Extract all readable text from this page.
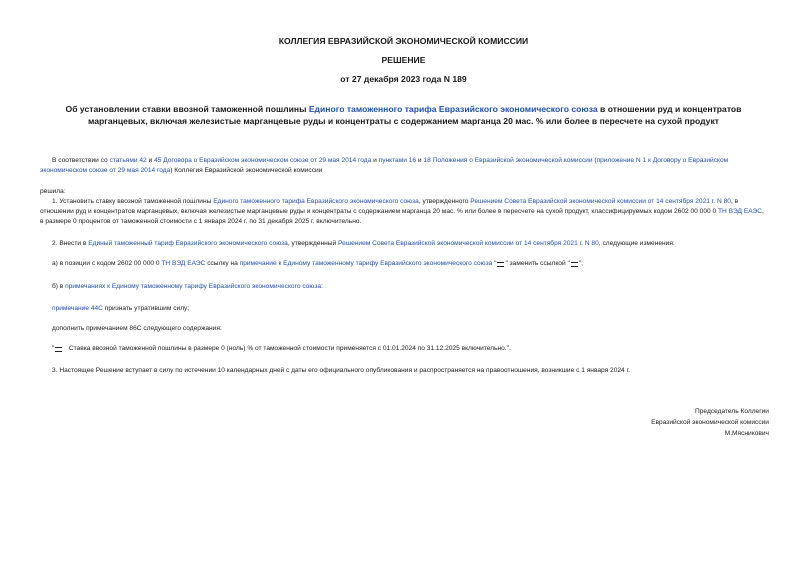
КОЛЛЕГИЯ ЕВРАЗИЙСКОЙ ЭКОНОМИЧЕСКОЙ КОМИССИИ
РЕШЕНИЕ
от 27 декабря 2023 года N 189
Об установлении ставки ввозной таможенной пошлины Единого таможенного тарифа Евразийского экономического союза в отношении руд и концентратов марганцевых, включая железистые марганцевые руды и концентраты с содержанием марганца 20 мас. % или более в пересчете на сухой продукт
В соответствии со статьями 42 и 45 Договора о Евразийском экономическом союзе от 29 мая 2014 года и пунктами 16 и 18 Положения о Евразийской экономической комиссии (приложение N 1 к Договору о Евразийском экономическом союзе от 29 мая 2014 года) Коллегия Евразийской экономической комиссии
решила:
1. Установить ставку ввозной таможенной пошлины Единого таможенного тарифа Евразийского экономического союза, утвержденного Решением Совета Евразийской экономической комиссии от 14 сентября 2021 г. N 80, в отношении руд и концентратов марганцевых, включая железистые марганцевые руды и концентраты с содержанием марганца 20 мас. % или более в пересчете на сухой продукт, классифицируемых кодом 2602 00 000 0 ТН ВЭД ЕАЭС, в размере 0 процентов от таможенной стоимости с 1 января 2024 г. по 31 декабря 2025 г. включительно.
2. Внести в Единый таможенный тариф Евразийского экономического союза, утвержденный Решением Совета Евразийской экономической комиссии от 14 сентября 2021 г. N 80, следующие изменения:
а) в позиции с кодом 2602 00 000 0 ТН ВЭД ЕАЭС ссылку на примечание к Единому таможенному тарифу Евразийского экономического союза " " заменить ссылкой " ";
б) в примечаниях к Единому таможенному тарифу Евразийского экономического союза:
примечание 44С признать утратившим силу;
дополнить примечанием 86С следующего содержания:
" Ставка ввозной таможенной пошлины в размере 0 (ноль) % от таможенной стоимости применяется с 01.01.2024 по 31.12.2025 включительно.".
3. Настоящее Решение вступает в силу по истечении 10 календарных дней с даты его официального опубликования и распространяется на правоотношения, возникшие с 1 января 2024 г.
Председатель Коллегии
Евразийской экономической комиссии
М.Мясникович
